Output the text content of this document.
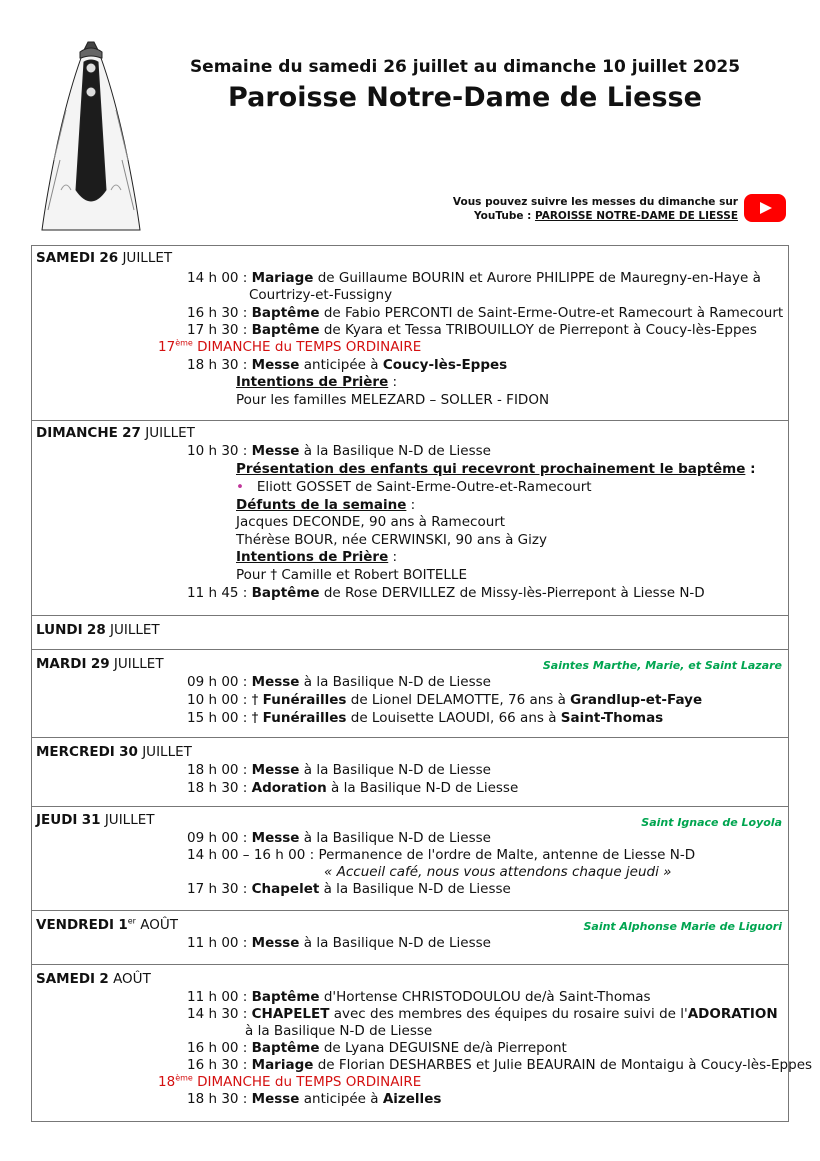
Semaine du samedi 26 juillet au dimanche 10 juillet 2025
Paroisse Notre-Dame de Liesse
Vous pouvez suivre les messes du dimanche sur
YouTube : PAROISSE NOTRE-DAME DE LIESSE
SAMEDI 26 JUILLET
14 h 00 : Mariage de Guillaume BOURIN et Aurore PHILIPPE de Mauregny-en-Haye à
Courtrizy-et-Fussigny
16 h 30 : Baptême de Fabio PERCONTI de Saint-Erme-Outre-et Ramecourt à Ramecourt
17 h 30 : Baptême de Kyara et Tessa TRIBOUILLOY de Pierrepont à Coucy-lès-Eppes
17ème DIMANCHE du TEMPS ORDINAIRE
18 h 30 : Messe anticipée à Coucy-lès-Eppes
Intentions de Prière :
Pour les familles MELEZARD – SOLLER - FIDON
DIMANCHE 27 JUILLET
10 h 30 : Messe à la Basilique N-D de Liesse
Présentation des enfants qui recevront prochainement le baptême :
• Eliott GOSSET de Saint-Erme-Outre-et-Ramecourt
Défunts de la semaine :
Jacques DECONDE, 90 ans à Ramecourt
Thérèse BOUR, née CERWINSKI, 90 ans à Gizy
Intentions de Prière :
Pour † Camille et Robert BOITELLE
11 h 45 : Baptême de Rose DERVILLEZ de Missy-lès-Pierrepont à Liesse N-D
LUNDI 28 JUILLET
MARDI 29 JUILLET	Saintes Marthe, Marie, et Saint Lazare
09 h 00 : Messe à la Basilique N-D de Liesse
10 h 00 : † Funérailles de Lionel DELAMOTTE, 76 ans à Grandlup-et-Faye
15 h 00 : † Funérailles de Louisette LAOUDI, 66 ans à Saint-Thomas
MERCREDI 30 JUILLET
18 h 00 : Messe à la Basilique N-D de Liesse
18 h 30 : Adoration à la Basilique N-D de Liesse
JEUDI 31 JUILLET	Saint Ignace de Loyola
09 h 00 : Messe à la Basilique N-D de Liesse
14 h 00 – 16 h 00 : Permanence de l'ordre de Malte, antenne de Liesse N-D
« Accueil café, nous vous attendons chaque jeudi »
17 h 30 : Chapelet à la Basilique N-D de Liesse
VENDREDI 1er AOÛT	Saint Alphonse Marie de Liguori
11 h 00 : Messe à la Basilique N-D de Liesse
SAMEDI 2 AOÛT
11 h 00 : Baptême d'Hortense CHRISTODOULOU de/à Saint-Thomas
14 h 30 : CHAPELET avec des membres des équipes du rosaire suivi de l'ADORATION
à la Basilique N-D de Liesse
16 h 00 : Baptême de Lyana DEGUISNE de/à Pierrepont
16 h 30 : Mariage de Florian DESHARBES et Julie BEAURAIN de Montaigu à Coucy-lès-Eppes
18ème DIMANCHE du TEMPS ORDINAIRE
18 h 30 : Messe anticipée à Aizelles
